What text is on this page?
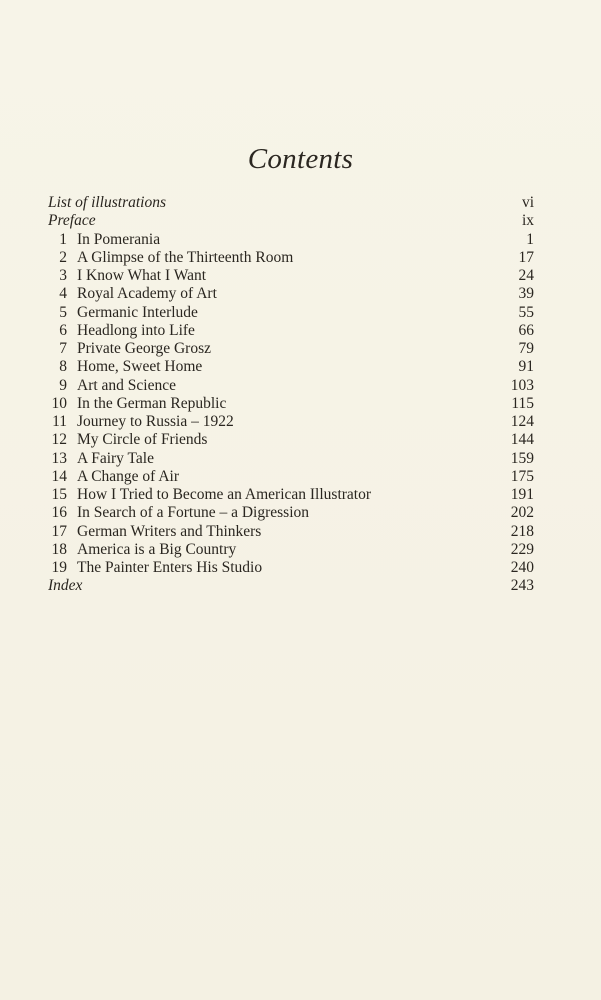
Contents
List of illustrations	vi
Preface	ix
1 In Pomerania	1
2 A Glimpse of the Thirteenth Room	17
3 I Know What I Want	24
4 Royal Academy of Art	39
5 Germanic Interlude	55
6 Headlong into Life	66
7 Private George Grosz	79
8 Home, Sweet Home	91
9 Art and Science	103
10 In the German Republic	115
11 Journey to Russia – 1922	124
12 My Circle of Friends	144
13 A Fairy Tale	159
14 A Change of Air	175
15 How I Tried to Become an American Illustrator	191
16 In Search of a Fortune – a Digression	202
17 German Writers and Thinkers	218
18 America is a Big Country	229
19 The Painter Enters His Studio	240
Index	243
